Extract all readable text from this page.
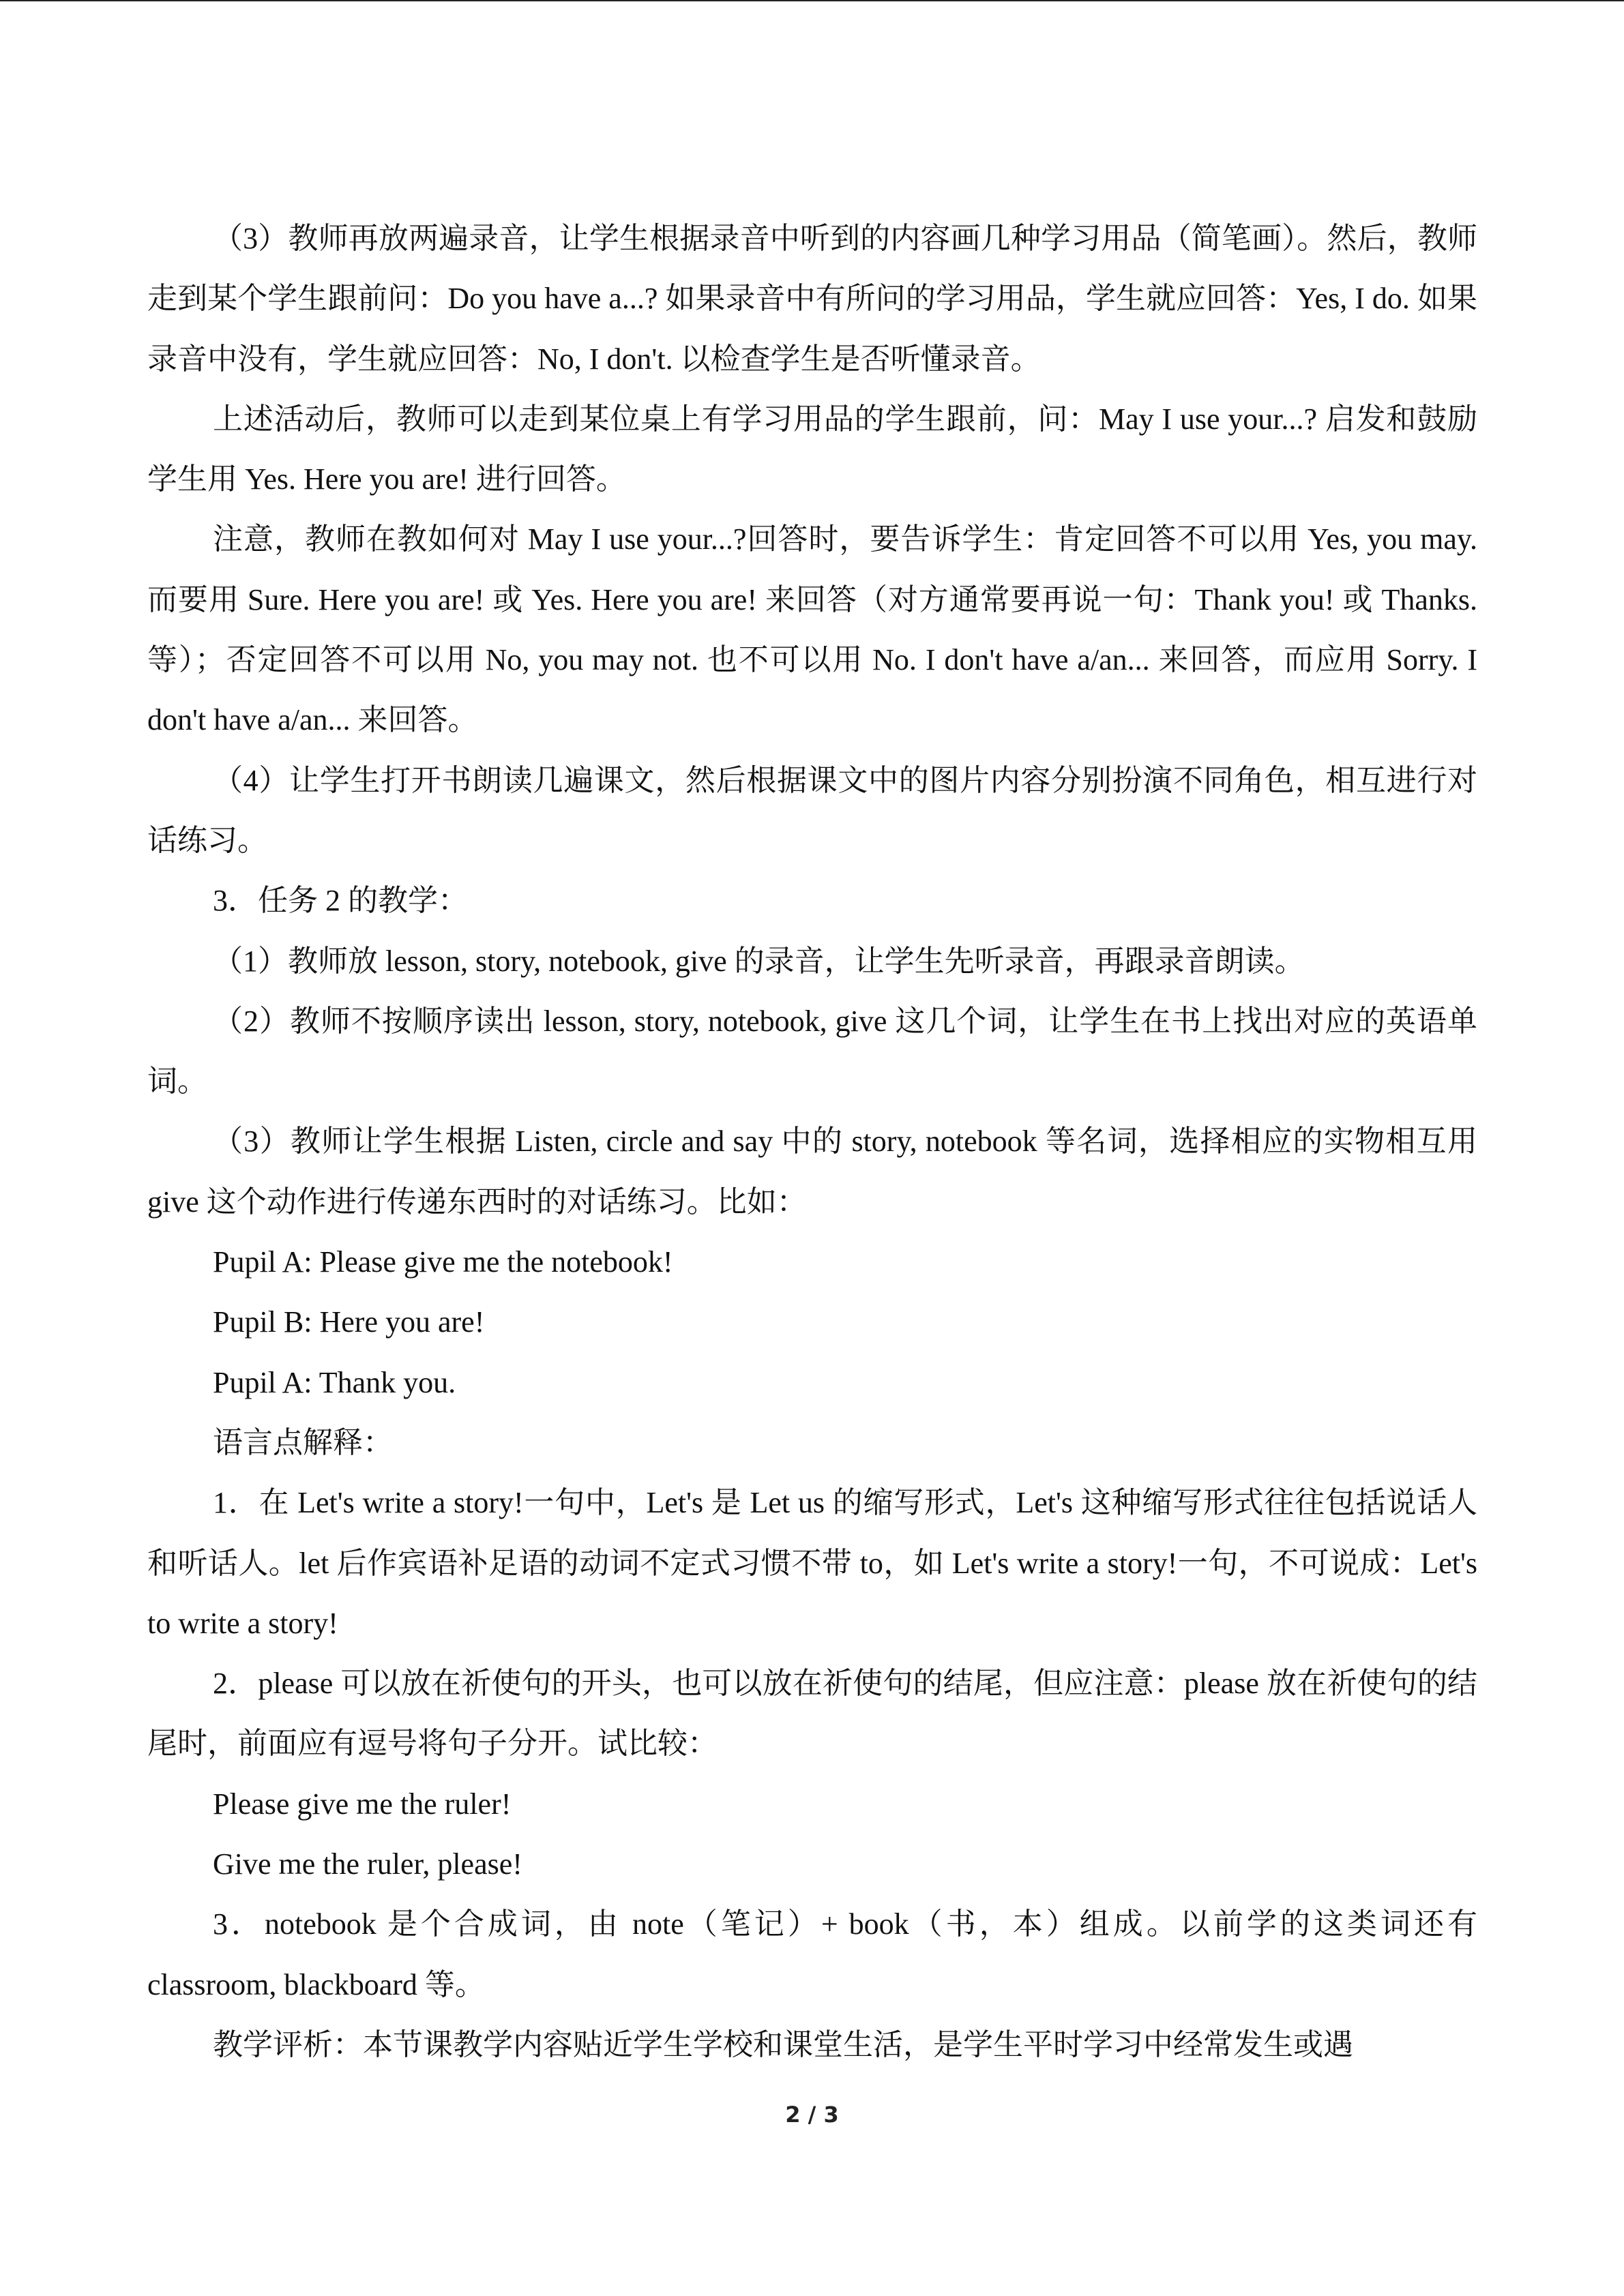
（3）教师再放两遍录音，让学生根据录音中听到的内容画几种学习用品（简笔画）。然后，教师走到某个学生跟前问：Do you have a...? 如果录音中有所问的学习用品，学生就应回答：Yes, I do. 如果录音中没有，学生就应回答：No, I don't. 以检查学生是否听懂录音。

上述活动后，教师可以走到某位桌上有学习用品的学生跟前，问：May I use your...? 启发和鼓励学生用 Yes. Here you are! 进行回答。

注意，教师在教如何对 May I use your...?回答时，要告诉学生：肯定回答不可以用 Yes, you may. 而要用 Sure. Here you are! 或 Yes. Here you are! 来回答（对方通常要再说一句：Thank you! 或 Thanks. 等）；否定回答不可以用 No, you may not. 也不可以用 No. I don't have a/an... 来回答，而应用 Sorry. I don't have a/an... 来回答。

（4）让学生打开书朗读几遍课文，然后根据课文中的图片内容分别扮演不同角色，相互进行对话练习。

3．任务 2 的教学：

（1）教师放 lesson, story, notebook, give 的录音，让学生先听录音，再跟录音朗读。

（2）教师不按顺序读出 lesson, story, notebook, give 这几个词，让学生在书上找出对应的英语单词。

（3）教师让学生根据 Listen, circle and say 中的 story, notebook 等名词，选择相应的实物相互用 give 这个动作进行传递东西时的对话练习。比如：

Pupil A: Please give me the notebook!

Pupil B: Here you are!

Pupil A: Thank you.

语言点解释：

1．在 Let's write a story!一句中，Let's 是 Let us 的缩写形式，Let's 这种缩写形式往往包括说话人和听话人。let 后作宾语补足语的动词不定式习惯不带 to，如 Let's write a story!一句，不可说成：Let's to write a story!

2．please 可以放在祈使句的开头，也可以放在祈使句的结尾，但应注意：please 放在祈使句的结尾时，前面应有逗号将句子分开。试比较：

Please give me the ruler!

Give me the ruler, please!

3．notebook 是个合成词，由 note（笔记）+ book（书，本）组成。以前学的这类词还有 classroom, blackboard 等。

教学评析：本节课教学内容贴近学生学校和课堂生活，是学生平时学习中经常发生或遇

2 / 3
